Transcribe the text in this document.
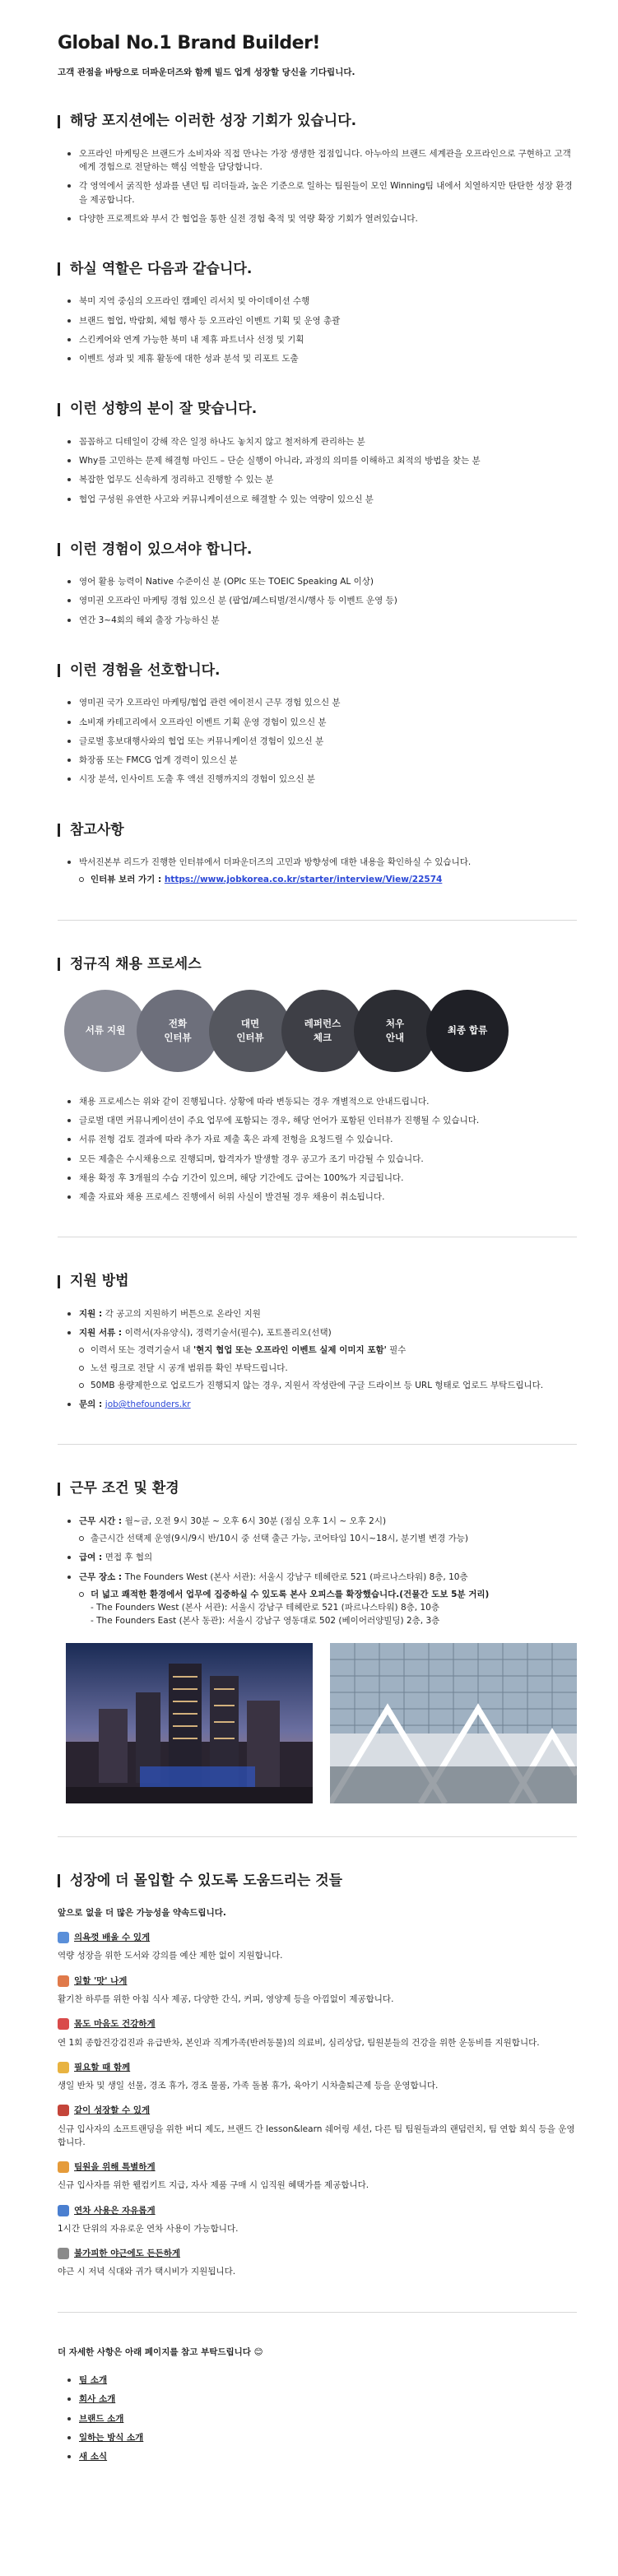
Global No.1 Brand Builder!
고객 관점을 바탕으로 더파운더즈와 함께 빌드 업게 성장할 당신을 기다립니다.
해당 포지션에는 이러한 성장 기회가 있습니다.
오프라인 마케팅은 브랜드가 소비자와 직접 만나는 가장 생생한 접점입니다. 아누아의 브랜드 세계관을 오프라인으로 구현하고 고객에게 경험으로 전달하는 핵심 역할을 담당합니다.
각 영역에서 굵직한 성과를 낸던 팀 리더들과, 높은 기준으로 일하는 팀원들이 모인 Winning팀 내에서 치열하지만 탄탄한 성장 환경을 제공합니다.
다양한 프로젝트와 부서 간 협업을 통한 실전 경험 축적 및 역량 확장 기회가 열려있습니다.
하실 역할은 다음과 같습니다.
북미 지역 중심의 오프라인 캠페인 리서치 및 아이데이션 수행
브랜드 협업, 박람회, 체험 행사 등 오프라인 이벤트 기획 및 운영 총괄
스킨케어와 연계 가능한 북미 내 제휴 파트너사 선정 및 기획
이벤트 성과 및 제휴 활동에 대한 성과 분석 및 리포트 도출
이런 성향의 분이 잘 맞습니다.
꼼꼼하고 디테일이 강해 작은 일정 하나도 놓치지 않고 철저하게 관리하는 분
Why를 고민하는 문제 해결형 마인드 – 단순 실행이 아니라, 과정의 의미를 이해하고 최적의 방법을 찾는 분
복잡한 업무도 신속하게 정리하고 진행할 수 있는 분
협업 구성원 유연한 사고와 커뮤니케이션으로 해결할 수 있는 역량이 있으신 분
이런 경험이 있으셔야 합니다.
영어 활용 능력이 Native 수준이신 분 (OPIc 또는 TOEIC Speaking AL 이상)
영미권 오프라인 마케팅 경험 있으신 분 (팝업/페스티벌/전시/행사 등 이벤트 운영 등)
연간 3~4회의 해외 출장 가능하신 분
이런 경험을 선호합니다.
영미권 국가 오프라인 마케팅/협업 관련 에이전시 근무 경험 있으신 분
소비재 카테고리에서 오프라인 이벤트 기획 운영 경험이 있으신 분
글로벌 홍보대행사와의 협업 또는 커뮤니케이션 경험이 있으신 분
화장품 또는 FMCG 업계 경력이 있으신 분
시장 분석, 인사이트 도출 후 액션 진행까지의 경험이 있으신 분
참고사항
박서진본부 리드가 진행한 인터뷰에서 더파운더즈의 고민과 방향성에 대한 내용을 확인하실 수 있습니다.
인터뷰 보러 가기 : https://www.jobkorea.co.kr/starter/interview/View/22574
정규직 채용 프로세스
서류 지원
전화
인터뷰
대면
인터뷰
레퍼런스
체크
처우
안내
최종 합류
채용 프로세스는 위와 같이 진행됩니다. 상황에 따라 변동되는 경우 개별적으로 안내드립니다.
글로벌 대면 커뮤니케이션이 주요 업무에 포함되는 경우, 해당 언어가 포함된 인터뷰가 진행될 수 있습니다.
서류 전형 검토 결과에 따라 추가 자료 제출 혹은 과제 전형을 요청드릴 수 있습니다.
모든 제출은 수시채용으로 진행되며, 합격자가 발생할 경우 공고가 조기 마감될 수 있습니다.
채용 확정 후 3개월의 수습 기간이 있으며, 해당 기간에도 급여는 100%가 지급됩니다.
제출 자료와 채용 프로세스 진행에서 허위 사실이 발견될 경우 채용이 취소됩니다.
지원 방법
지원 : 각 공고의 지원하기 버튼으로 온라인 지원
지원 서류 : 이력서(자유양식), 경력기술서(필수), 포트폴리오(선택)
이력서 또는 경력기술서 내 '현지 협업 또는 오프라인 이벤트 실제 이미지 포함' 필수
노션 링크로 전달 시 공개 범위를 확인 부탁드립니다.
50MB 용량제한으로 업로드가 진행되지 않는 경우, 지원서 작성란에 구글 드라이브 등 URL 형태로 업로드 부탁드립니다.
문의 : job@thefounders.kr
근무 조건 및 환경
근무 시간 : 월~금, 오전 9시 30분 ~ 오후 6시 30분 (점심 오후 1시 ~ 오후 2시)
출근시간 선택제 운영(9시/9시 반/10시 중 선택 출근 가능, 코어타임 10시~18시, 분기별 변경 가능)
급여 : 면접 후 협의
근무 장소 : The Founders West (본사 서관): 서울시 강남구 테헤란로 521 (파르나스타워) 8층, 10층
더 넓고 쾌적한 환경에서 업무에 집중하실 수 있도록 본사 오피스를 확장했습니다.(건물간 도보 5분 거리)
- The Founders West (본사 서관): 서울시 강남구 테헤란로 521 (파르나스타워) 8층, 10층
- The Founders East (본사 동관): 서울시 강남구 영동대로 502 (베이어러양빌딩) 2층, 3층
성장에 더 몰입할 수 있도록 도움드리는 것들
앞으로 없을 더 많은 가능성을 약속드립니다.
의욕껏 배울 수 있게
역량 성장을 위한 도서와 강의를 예산 제한 없이 지원합니다.
일할 '맛' 나게
활기찬 하루를 위한 아침 식사 제공, 다양한 간식, 커피, 영양제 등을 아낌없이 제공합니다.
몸도 마음도 건강하게
연 1회 종합건강검진과 유급반차, 본인과 직계가족(반려동물)의 의료비, 심리상담, 팀원분들의 건강을 위한 운동비를 지원합니다.
필요할 때 함께
생일 반차 및 생일 선물, 경조 휴가, 경조 물품, 가족 돌봄 휴가, 육아기 시차출퇴근제 등을 운영합니다.
같이 성장할 수 있게
신규 입사자의 소프트랜딩을 위한 버디 제도, 브랜드 간 lesson&learn 쉐어링 세션, 다른 팀 팀원들과의 랜덤런치, 팀 연합 회식 등을 운영합니다.
팀원을 위해 특별하게
신규 입사자를 위한 웰컴키트 지급, 자사 제품 구매 시 임직원 혜택가를 제공합니다.
연차 사용은 자유롭게
1시간 단위의 자유로운 연차 사용이 가능합니다.
불가피한 야근에도 든든하게
야근 시 저녁 식대와 귀가 택시비가 지원됩니다.
더 자세한 사항은 아래 페이지를 참고 부탁드립니다 😊
팀 소개
회사 소개
브랜드 소개
일하는 방식 소개
새 소식
